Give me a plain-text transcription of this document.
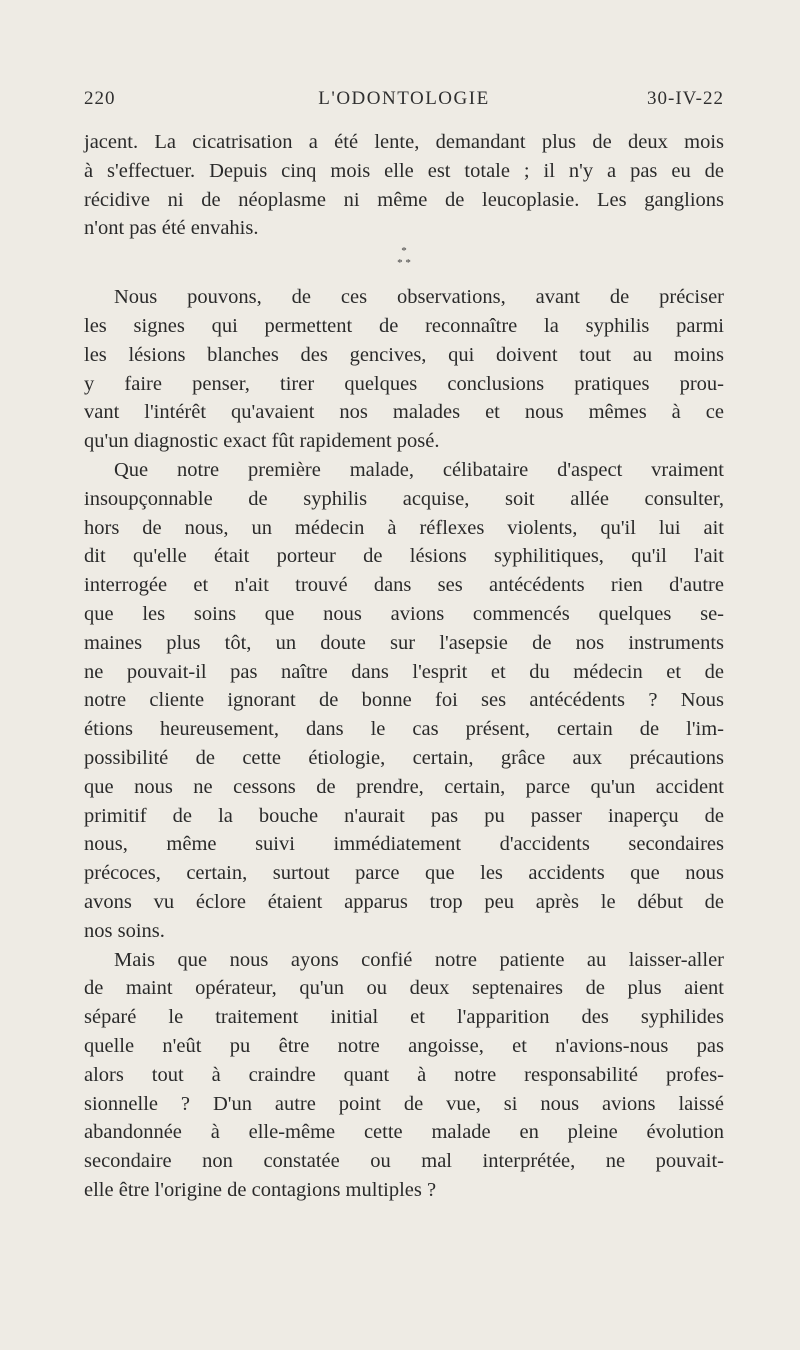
220	L'ODONTOLOGIE	30-IV-22
jacent. La cicatrisation a été lente, demandant plus de deux mois
à s'effectuer. Depuis cinq mois elle est totale ; il n'y a pas eu de
récidive ni de néoplasme ni même de leucoplasie. Les ganglions
n'ont pas été envahis.
*
* *
Nous pouvons, de ces observations, avant de préciser
les signes qui permettent de reconnaître la syphilis parmi
les lésions blanches des gencives, qui doivent tout au moins
y faire penser, tirer quelques conclusions pratiques prou-
vant l'intérêt qu'avaient nos malades et nous mêmes à ce
qu'un diagnostic exact fût rapidement posé.
Que notre première malade, célibataire d'aspect vraiment
insoupçonnable de syphilis acquise, soit allée consulter,
hors de nous, un médecin à réflexes violents, qu'il lui ait
dit qu'elle était porteur de lésions syphilitiques, qu'il l'ait
interrogée et n'ait trouvé dans ses antécédents rien d'autre
que les soins que nous avions commencés quelques se-
maines plus tôt, un doute sur l'asepsie de nos instruments
ne pouvait-il pas naître dans l'esprit et du médecin et de
notre cliente ignorant de bonne foi ses antécédents ? Nous
étions heureusement, dans le cas présent, certain de l'im-
possibilité de cette étiologie, certain, grâce aux précautions
que nous ne cessons de prendre, certain, parce qu'un accident
primitif de la bouche n'aurait pas pu passer inaperçu de
nous, même suivi immédiatement d'accidents secondaires
précoces, certain, surtout parce que les accidents que nous
avons vu éclore étaient apparus trop peu après le début de
nos soins.
Mais que nous ayons confié notre patiente au laisser-aller
de maint opérateur, qu'un ou deux septenaires de plus aient
séparé le traitement initial et l'apparition des syphilides
quelle n'eût pu être notre angoisse, et n'avions-nous pas
alors tout à craindre quant à notre responsabilité profes-
sionnelle ? D'un autre point de vue, si nous avions laissé
abandonnée à elle-même cette malade en pleine évolution
secondaire non constatée ou mal interprétée, ne pouvait-
elle être l'origine de contagions multiples ?
